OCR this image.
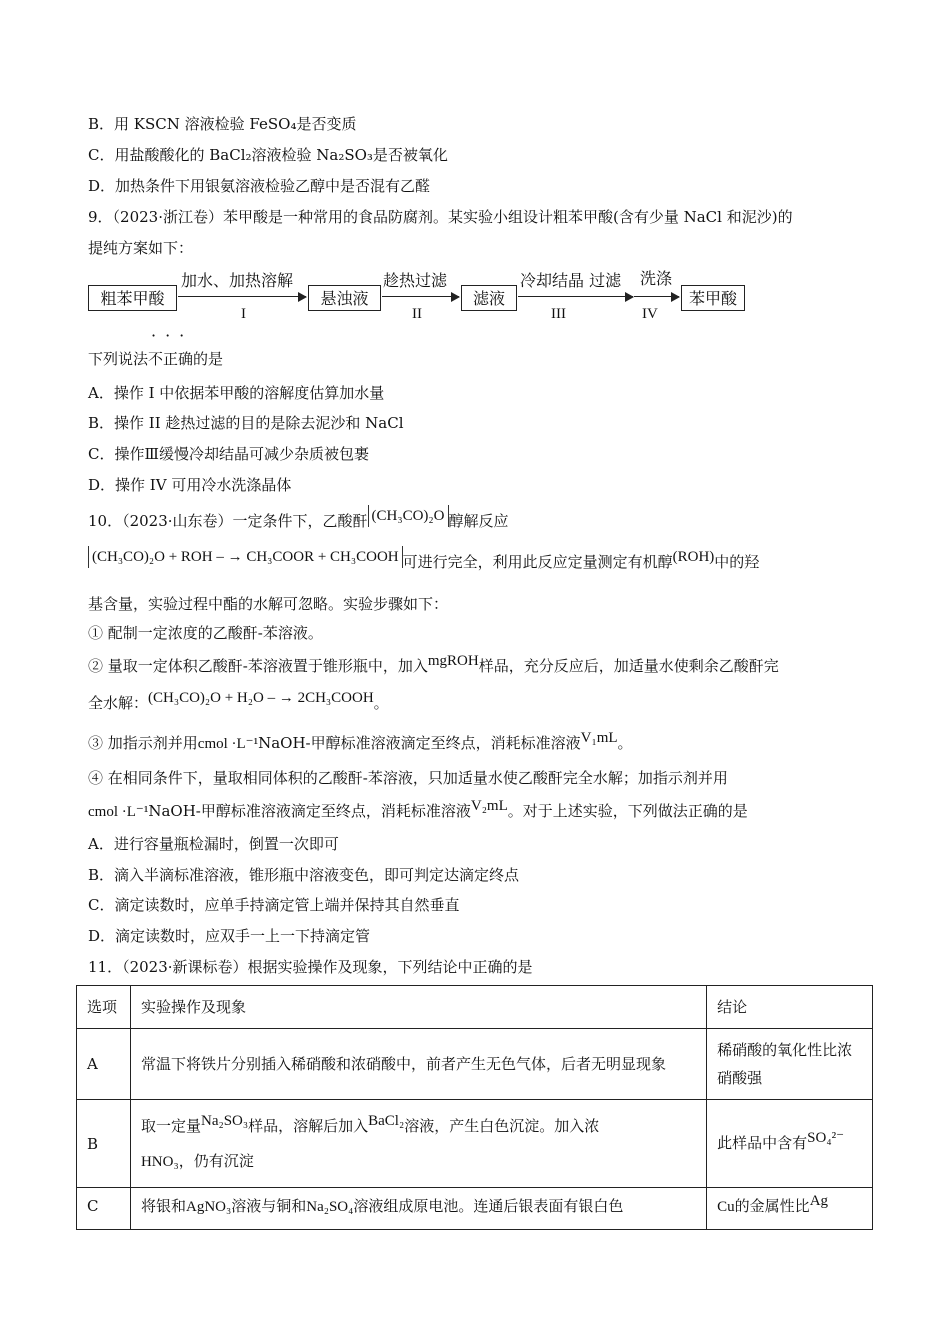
B．用 KSCN 溶液检验 FeSO₄是否变质
C．用盐酸酸化的 BaCl₂溶液检验 Na₂SO₃是否被氧化
D．加热条件下用银氨溶液检验乙醇中是否混有乙醛
9．（2023·浙江卷）苯甲酸是一种常用的食品防腐剂。某实验小组设计粗苯甲酸(含有少量 NaCl 和泥沙)的
提纯方案如下：
粗苯甲酸
加水、加热溶解
I
悬浊液
趁热过滤
II
滤液
冷却结晶 过滤
III
洗涤
IV
苯甲酸
···
下列说法不正确的是
A．操作 I 中依据苯甲酸的溶解度估算加水量
B．操作 II 趁热过滤的目的是除去泥沙和 NaCl
C．操作Ⅲ缓慢冷却结晶可减少杂质被包裹
D．操作 IV 可用冷水洗涤晶体
10．（2023·山东卷）一定条件下，乙酸酐 (CH₃CO)₂O 醇解反应
(CH₃CO)₂O + ROH – → CH₃COOR + CH₃COOH 可进行完全，利用此反应定量测定有机醇(ROH)中的羟
基含量，实验过程中酯的水解可忽略。实验步骤如下：
① 配制一定浓度的乙酸酐-苯溶液。
② 量取一定体积乙酸酐-苯溶液置于锥形瓶中，加入mgROH样品，充分反应后，加适量水使剩余乙酸酐完
全水解：(CH₃CO)₂O + H₂O – → 2CH₃COOH。
③ 加指示剂并用cmol ·L⁻¹NaOH-甲醇标准溶液滴定至终点，消耗标准溶液V₁mL。
④ 在相同条件下，量取相同体积的乙酸酐-苯溶液，只加适量水使乙酸酐完全水解；加指示剂并用
cmol ·L⁻¹NaOH-甲醇标准溶液滴定至终点，消耗标准溶液V₂mL。对于上述实验，下列做法正确的是
A．进行容量瓶检漏时，倒置一次即可
B．滴入半滴标准溶液，锥形瓶中溶液变色，即可判定达滴定终点
C．滴定读数时，应单手持滴定管上端并保持其自然垂直
D．滴定读数时，应双手一上一下持滴定管
11．（2023·新课标卷）根据实验操作及现象，下列结论中正确的是
选项	实验操作及现象	结论
A	常温下将铁片分别插入稀硝酸和浓硝酸中，前者产生无色气体，后者无明显现象	稀硝酸的氧化性比浓硝酸强
B	取一定量Na₂SO₃样品，溶解后加入BaCl₂溶液，产生白色沉淀。加入浓
HNO₃，仍有沉淀	此样品中含有SO₄²⁻
C	将银和AgNO₃溶液与铜和Na₂SO₄溶液组成原电池。连通后银表面有银白色	Cu的金属性比Ag
